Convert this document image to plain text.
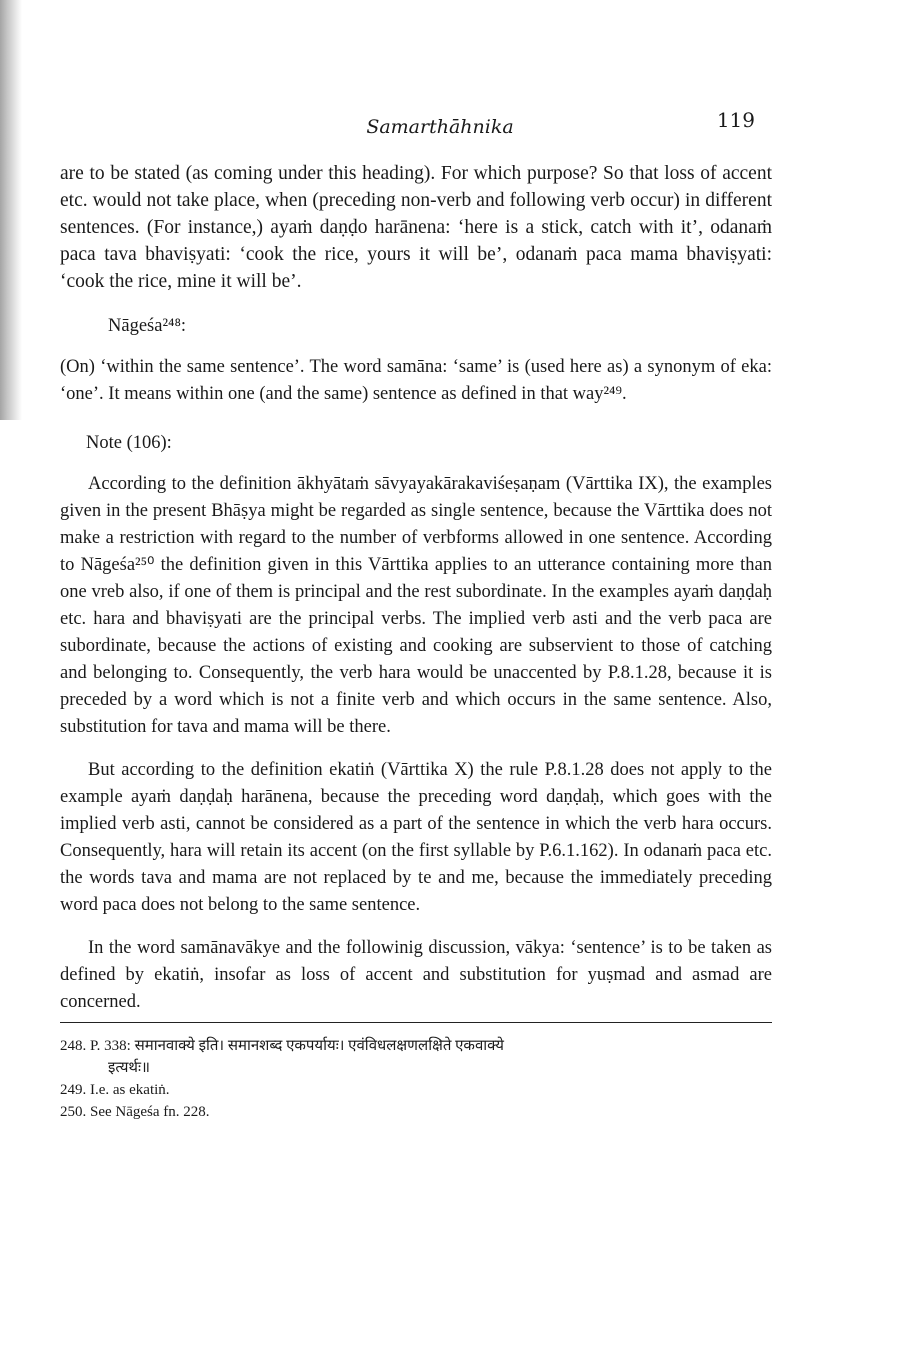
Samarthāhnika	119

are to be stated (as coming under this heading). For which purpose? So that loss of accent etc. would not take place, when (preceding non-verb and following verb occur) in different sentences. (For instance,) ayaṁ daṇḍo harānena: ‘here is a stick, catch with it’, odanaṁ paca tava bhaviṣyati: ‘cook the rice, yours it will be’, odanaṁ paca mama bhaviṣyati: ‘cook the rice, mine it will be’.

Nāgeśa²⁴⁸:

(On) ‘within the same sentence’. The word samāna: ‘same’ is (used here as) a synonym of eka: ‘one’. It means within one (and the same) sentence as defined in that way²⁴⁹.

Note (106):

According to the definition ākhyātaṁ sāvyayakārakaviśeṣaṇam (Vārttika IX), the examples given in the present Bhāṣya might be regarded as single sentence, because the Vārttika does not make a restriction with regard to the number of verbforms allowed in one sentence. According to Nāgeśa²⁵⁰ the definition given in this Vārttika applies to an utterance containing more than one vreb also, if one of them is principal and the rest subordinate. In the examples ayaṁ daṇḍaḥ etc. hara and bhaviṣyati are the principal verbs. The implied verb asti and the verb paca are subordinate, because the actions of existing and cooking are subservient to those of catching and belonging to. Consequently, the verb hara would be unaccented by P.8.1.28, because it is preceded by a word which is not a finite verb and which occurs in the same sentence. Also, substitution for tava and mama will be there.

But according to the definition ekatiṅ (Vārttika X) the rule P.8.1.28 does not apply to the example ayaṁ daṇḍaḥ harānena, because the preceding word daṇḍaḥ, which goes with the implied verb asti, cannot be considered as a part of the sentence in which the verb hara occurs. Consequently, hara will retain its accent (on the first syllable by P.6.1.162). In odanaṁ paca etc. the words tava and mama are not replaced by te and me, because the immediately preceding word paca does not belong to the same sentence.

In the word samānavākye and the followinig discussion, vākya: ‘sentence’ is to be taken as defined by ekatiṅ, insofar as loss of accent and substitution for yuṣmad and asmad are concerned.

248. P. 338: समानवाक्ये इति। समानशब्द एकपर्यायः। एवंविधलक्षणलक्षिते एकवाक्ये

इत्यर्थः॥

249. I.e. as ekatiṅ.

250. See Nāgeśa fn. 228.
